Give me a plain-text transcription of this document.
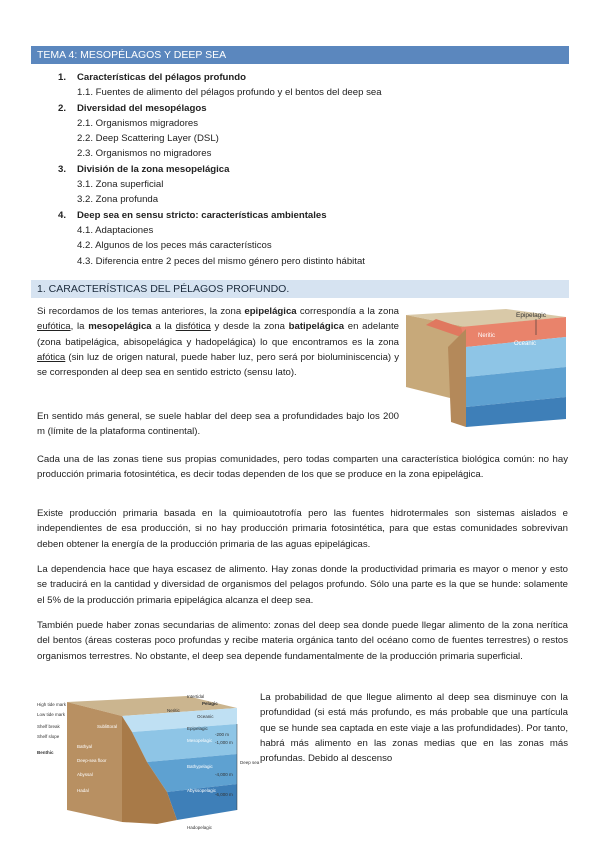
TEMA 4: MESOPÉLAGOS Y DEEP SEA
1. Características del pélagos profundo
1.1. Fuentes de alimento del pélagos profundo y el bentos del deep sea
2. Diversidad del mesopélagos
2.1. Organismos migradores
2.2. Deep Scattering Layer (DSL)
2.3. Organismos no migradores
3. División de la zona mesopelágica
3.1. Zona superficial
3.2. Zona profunda
4. Deep sea en sensu stricto: características ambientales
4.1. Adaptaciones
4.2. Algunos de los peces más característicos
4.3. Diferencia entre 2 peces del mismo género pero distinto hábitat
1. CARACTERÍSTICAS DEL PÉLAGOS PROFUNDO.
Si recordamos de los temas anteriores, la zona epipelágica correspondía a la zona eufótica, la mesopelágica a la disfótica y desde la zona batipelágica en adelante (zona batipelágica, abisopelágica y hadopelágica) lo que encontramos es la zona afótica (sin luz de origen natural, puede haber luz, pero será por bioluminiscencia) y se corresponden al deep sea en sentido estricto (sensu lato).
En sentido más general, se suele hablar del deep sea a profundidades bajo los 200 m (límite de la plataforma continental).
Epipelagic
Neritic
Oceanic
Cada una de las zonas tiene sus propias comunidades, pero todas comparten una característica biológica común: no hay producción primaria fotosintética, es decir todas dependen de los que se produce en la zona epipelágica.
Existe producción primaria basada en la quimioautotrofía pero las fuentes hidrotermales son sistemas aislados e independientes de esa producción, si no hay producción primaria fotosintética, para que estas comunidades sobrevivan deben obtener la energía de la producción primaria de las aguas epipelágicas.
La dependencia hace que haya escasez de alimento. Hay zonas donde la productividad primaria es mayor o menor y esto se traducirá en la cantidad y diversidad de organismos del pelagos profundo. Sólo una parte es la que se hunde: solamente el 5% de la producción primaria epipelágica alcanza el deep sea.
También puede haber zonas secundarias de alimento: zonas del deep sea donde puede llegar alimento de la zona nerítica del bentos (áreas costeras poco profundas y recibe materia orgánica tanto del océano como de fuentes terrestres) o restos organismos terrestres. No obstante, el deep sea depende fundamentalmente de la producción primaria superficial.
Intertidal
Pelagic
Neritic
Oceanic
High tide mark
Low tide mark
Shelf break
Shelf slope
Benthic
Bathyal
Deep-sea floor
Abyssal
Hadal
Sublittoral	Epipelagic
Mesopelagic
Bathypelagic
Abyssopelagic
Hadopelagic
-200 m
-1,000 m
-4,000 m
-6,000 m
Deep sea
La probabilidad de que llegue alimento al deep sea disminuye con la profundidad (si está más profundo, es más probable que una partícula que se hunde sea captada en este viaje a las profundidades). Por tanto, habrá más alimento en las zonas medias que en las zonas más profundas. Debido al descenso
